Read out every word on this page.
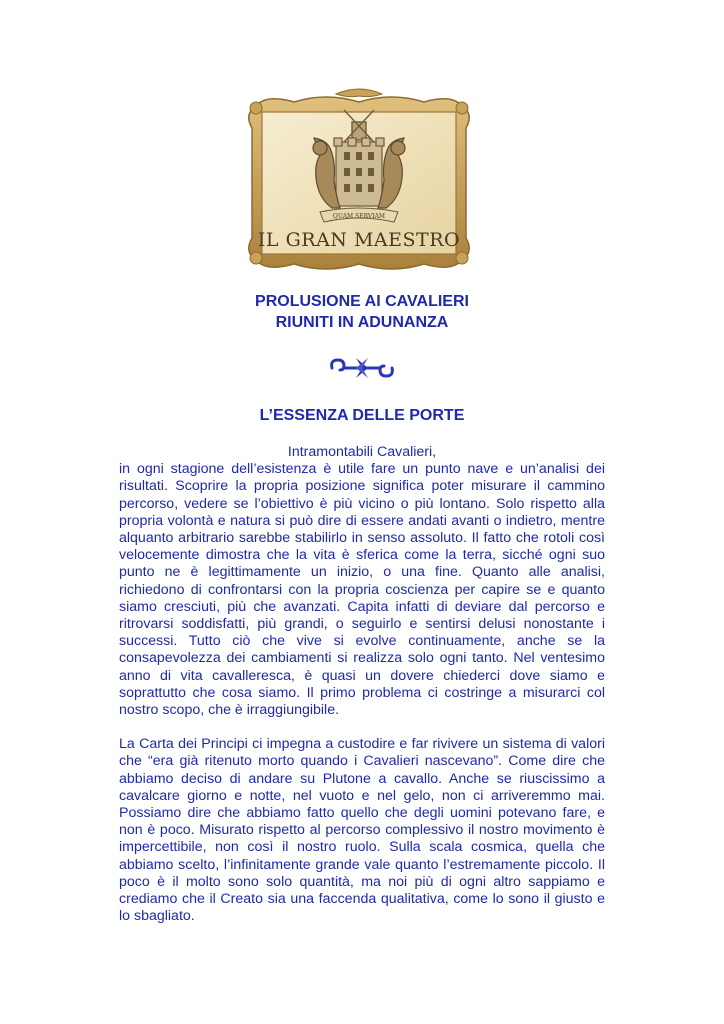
QUAM SERVIAM
IL GRAN MAESTRO
PROLUSIONE AI CAVALIERI
RIUNITI IN ADUNANZA
L’ESSENZA DELLE PORTE
Intramontabili Cavalieri,

in ogni stagione dell’esistenza è utile fare un punto nave e un’analisi dei risultati. Scoprire la propria posizione significa poter misurare il cammino percorso, vedere se l’obiettivo è più vicino o più lontano. Solo rispetto alla propria volontà e natura si può dire di essere andati avanti o indietro, mentre alquanto arbitrario sarebbe stabilirlo in senso assoluto. Il fatto che rotoli così velocemente dimostra che la vita è sferica come la terra, sicché ogni suo punto ne è legittimamente un inizio, o una fine. Quanto alle analisi, richiedono di confrontarsi con la propria coscienza per capire se e quanto siamo cresciuti, più che avanzati. Capita infatti di deviare dal percorso e ritrovarsi soddisfatti, più grandi, o seguirlo e sentirsi delusi nonostante i successi. Tutto ciò che vive si evolve continuamente, anche se la consapevolezza dei cambiamenti si realizza solo ogni tanto. Nel ventesimo anno di vita cavalleresca, è quasi un dovere chiederci dove siamo e soprattutto che cosa siamo. Il primo problema ci costringe a misurarci col nostro scopo, che è irraggiungibile.

La Carta dei Principi ci impegna a custodire e far rivivere un sistema di valori che “era già ritenuto morto quando i Cavalieri nascevano”. Come dire che abbiamo deciso di andare su Plutone a cavallo. Anche se riuscissimo a cavalcare giorno e notte, nel vuoto e nel gelo, non ci arriveremmo mai. Possiamo dire che abbiamo fatto quello che degli uomini potevano fare, e non è poco. Misurato rispetto al percorso complessivo il nostro movimento è impercettibile, non così il nostro ruolo. Sulla scala cosmica, quella che abbiamo scelto, l’infinitamente grande vale quanto l’estremamente piccolo. Il poco è il molto sono solo quantità, ma noi più di ogni altro sappiamo e crediamo che il Creato sia una faccenda qualitativa, come lo sono il giusto e lo sbagliato.
